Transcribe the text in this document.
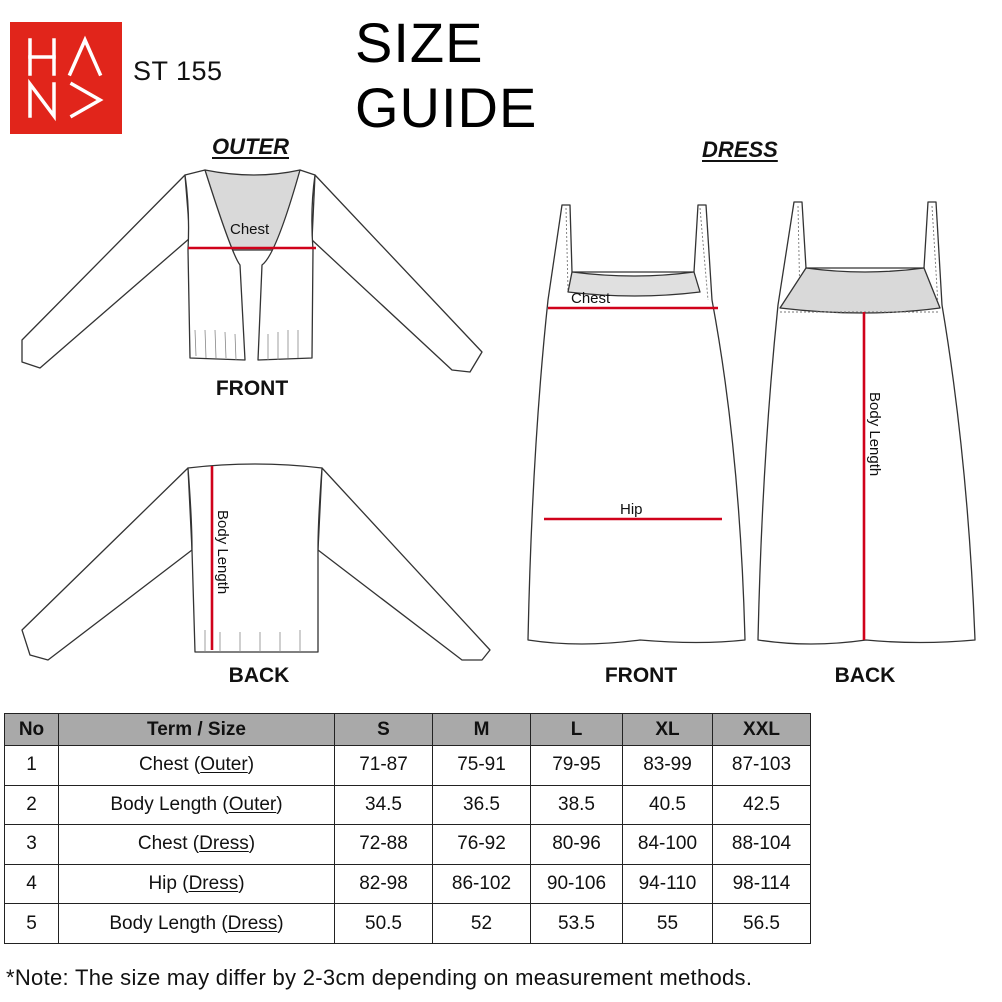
ST 155 SIZE GUIDE
OUTER	DRESS
Chest
Body Length
Chest
Hip
Body Length
FRONT
BACK	FRONT	BACK
No	Term / Size	S	M	L	XL	XXL
1	Chest (Outer)	71-87	75-91	79-95	83-99	87-103
2	Body Length (Outer)	34.5	36.5	38.5	40.5	42.5
3	Chest (Dress)	72-88	76-92	80-96	84-100	88-104
4	Hip (Dress)	82-98	86-102	90-106	94-110	98-114
5	Body Length (Dress)	50.5	52	53.5	55	56.5
*Note: The size may differ by 2-3cm depending on measurement methods.
